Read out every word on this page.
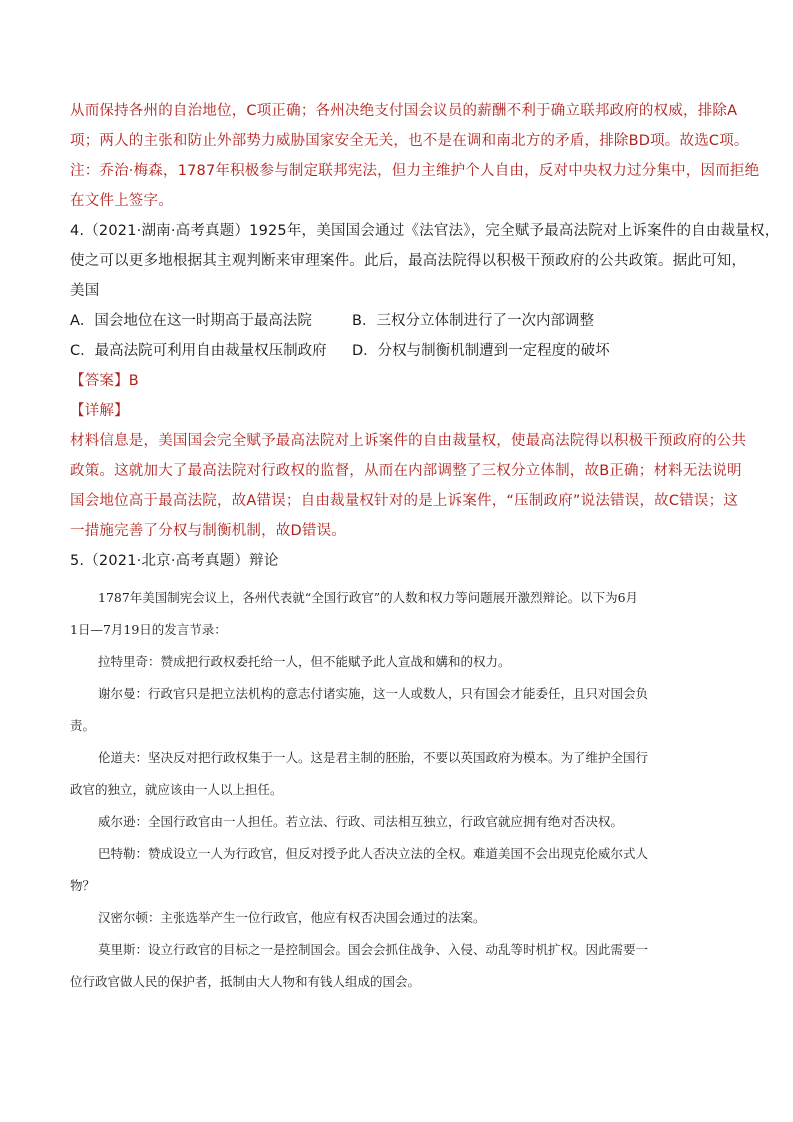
从而保持各州的自治地位，C项正确；各州决绝支付国会议员的薪酬不利于确立联邦政府的权威，排除A
项；两人的主张和防止外部势力威胁国家安全无关，也不是在调和南北方的矛盾，排除BD项。故选C项。
注：乔治·梅森，1787年积极参与制定联邦宪法，但力主维护个人自由，反对中央权力过分集中，因而拒绝
在文件上签字。
4.（2021·湖南·高考真题）1925年，美国国会通过《法官法》，完全赋予最高法院对上诉案件的自由裁量权，
使之可以更多地根据其主观判断来审理案件。此后，最高法院得以积极干预政府的公共政策。据此可知，
美国
A．国会地位在这一时期高于最高法院	B．三权分立体制进行了一次内部调整
C．最高法院可利用自由裁量权压制政府	D．分权与制衡机制遭到一定程度的破坏
【答案】B
【详解】
材料信息是，美国国会完全赋予最高法院对上诉案件的自由裁量权，使最高法院得以积极干预政府的公共
政策。这就加大了最高法院对行政权的监督，从而在内部调整了三权分立体制，故B正确；材料无法说明
国会地位高于最高法院，故A错误；自由裁量权针对的是上诉案件，“压制政府”说法错误，故C错误；这
一措施完善了分权与制衡机制，故D错误。
5.（2021·北京·高考真题）辩论
1787年美国制宪会议上，各州代表就“全国行政官”的人数和权力等问题展开激烈辩论。以下为6月
1日—7月19日的发言节录：
拉特里奇：赞成把行政权委托给一人，但不能赋予此人宣战和媾和的权力。
谢尔曼：行政官只是把立法机构的意志付诸实施，这一人或数人，只有国会才能委任，且只对国会负
责。
伦道夫：坚决反对把行政权集于一人。这是君主制的胚胎，不要以英国政府为模本。为了维护全国行
政官的独立，就应该由一人以上担任。
威尔逊：全国行政官由一人担任。若立法、行政、司法相互独立，行政官就应拥有绝对否决权。
巴特勒：赞成设立一人为行政官，但反对授予此人否决立法的全权。难道美国不会出现克伦威尔式人
物？
汉密尔顿：主张选举产生一位行政官，他应有权否决国会通过的法案。
莫里斯：设立行政官的目标之一是控制国会。国会会抓住战争、入侵、动乱等时机扩权。因此需要一
位行政官做人民的保护者，抵制由大人物和有钱人组成的国会。
